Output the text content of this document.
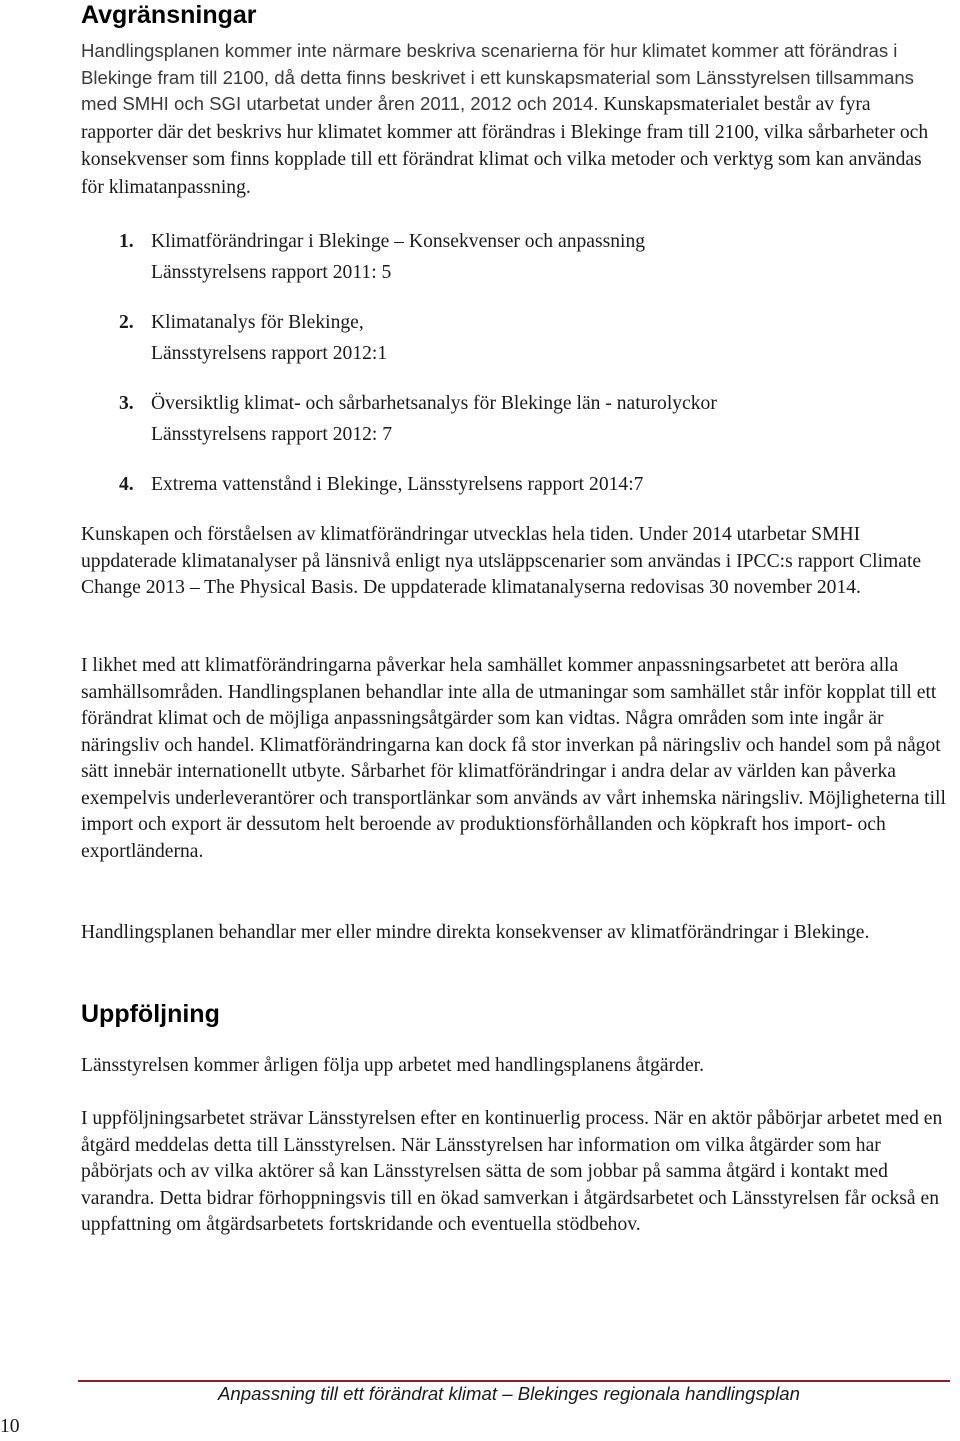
Avgränsningar

Handlingsplanen kommer inte närmare beskriva scenarierna för hur klimatet kommer att förändras i Blekinge fram till 2100, då detta finns beskrivet i ett kunskapsmaterial som Länsstyrelsen tillsammans med SMHI och SGI utarbetat under åren 2011, 2012 och 2014. Kunskapsmaterialet består av fyra rapporter där det beskrivs hur klimatet kommer att förändras i Blekinge fram till 2100, vilka sårbarheter och konsekvenser som finns kopplade till ett förändrat klimat och vilka metoder och verktyg som kan användas för klimatanpassning.

1. Klimatförändringar i Blekinge – Konsekvenser och anpassning
Länsstyrelsens rapport 2011: 5
2. Klimatanalys för Blekinge,
Länsstyrelsens rapport 2012:1
3. Översiktlig klimat- och sårbarhetsanalys för Blekinge län - naturolyckor
Länsstyrelsens rapport 2012: 7
4. Extrema vattenstånd i Blekinge, Länsstyrelsens rapport 2014:7

Kunskapen och förståelsen av klimatförändringar utvecklas hela tiden. Under 2014 utarbetar SMHI uppdaterade klimatanalyser på länsnivå enligt nya utsläppscenarier som användas i IPCC:s rapport Climate Change 2013 – The Physical Basis. De uppdaterade klimatanalyserna redovisas 30 november 2014.

I likhet med att klimatförändringarna påverkar hela samhället kommer anpassningsarbetet att beröra alla samhällsområden. Handlingsplanen behandlar inte alla de utmaningar som samhället står inför kopplat till ett förändrat klimat och de möjliga anpassningsåtgärder som kan vidtas. Några områden som inte ingår är näringsliv och handel. Klimatförändringarna kan dock få stor inverkan på näringsliv och handel som på något sätt innebär internationellt utbyte. Sårbarhet för klimatförändringar i andra delar av världen kan påverka exempelvis underleverantörer och transportlänkar som används av vårt inhemska näringsliv. Möjligheterna till import och export är dessutom helt beroende av produktionsförhållanden och köpkraft hos import- och exportländerna.

Handlingsplanen behandlar mer eller mindre direkta konsekvenser av klimatförändringar i Blekinge.

Uppföljning

Länsstyrelsen kommer årligen följa upp arbetet med handlingsplanens åtgärder.

I uppföljningsarbetet strävar Länsstyrelsen efter en kontinuerlig process. När en aktör påbörjar arbetet med en åtgärd meddelas detta till Länsstyrelsen. När Länsstyrelsen har information om vilka åtgärder som har påbörjats och av vilka aktörer så kan Länsstyrelsen sätta de som jobbar på samma åtgärd i kontakt med varandra. Detta bidrar förhoppningsvis till en ökad samverkan i åtgärdsarbetet och Länsstyrelsen får också en uppfattning om åtgärdsarbetets fortskridande och eventuella stödbehov.

Anpassning till ett förändrat klimat – Blekinges regionala handlingsplan
10
